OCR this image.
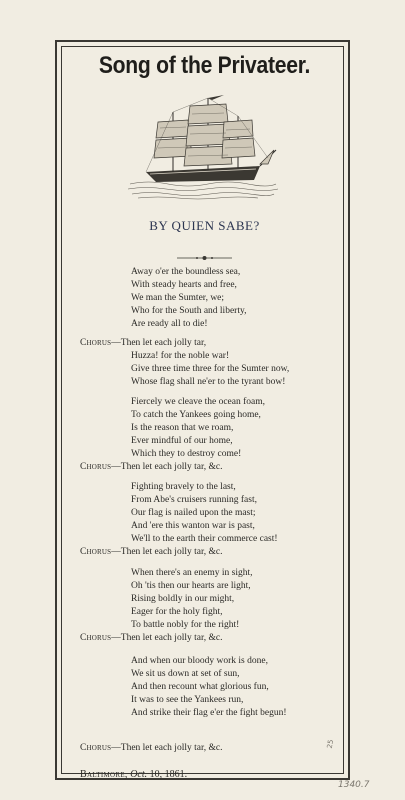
Song of the Privateer.
BY QUIEN SABE?
Away o'er the boundless sea,
With steady hearts and free,
We man the Sumter, we;
Who for the South and liberty,
Are ready all to die!
Chorus—Then let each jolly tar,
Huzza! for the noble war!
Give three time three for the Sumter now,
Whose flag shall ne'er to the tyrant bow!
Fiercely we cleave the ocean foam,
To catch the Yankees going home,
Is the reason that we roam,
Ever mindful of our home,
Which they to destroy come!
Chorus—Then let each jolly tar, &c.
Fighting bravely to the last,
From Abe's cruisers running fast,
Our flag is nailed upon the mast;
And 'ere this wanton war is past,
We'll to the earth their commerce cast!
Chorus—Then let each jolly tar, &c.
When there's an enemy in sight,
Oh 'tis then our hearts are light,
Rising boldly in our might,
Eager for the holy fight,
To battle nobly for the right!
Chorus—Then let each jolly tar, &c.
And when our bloody work is done,
We sit us down at set of sun,
And then recount what glorious fun,
It was to see the Yankees run,
And strike their flag e'er the fight begun!
Chorus—Then let each jolly tar, &c.
Baltimore, Oct. 10, 1861.
25
1340.7
